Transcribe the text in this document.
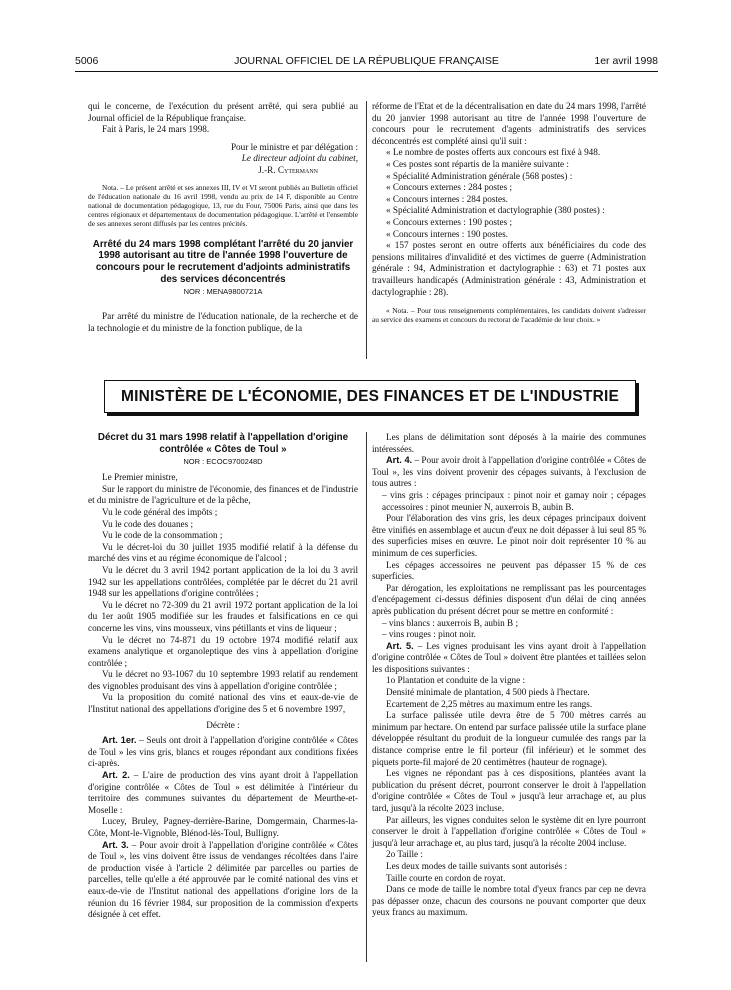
5006	JOURNAL OFFICIEL DE LA RÉPUBLIQUE FRANÇAISE	1er avril 1998

qui le concerne, de l'exécution du présent arrêté, qui sera publié au Journal officiel de la République française.

Fait à Paris, le 24 mars 1998.

Pour le ministre et par délégation :

Le directeur adjoint du cabinet,

J.-R. Cytermann

Nota. – Le présent arrêté et ses annexes III, IV et VI seront publiés au Bulletin officiel de l'éducation nationale du 16 avril 1998, vendu au prix de 14 F, disponible au Centre national de documentation pédagogique, 13, rue du Four, 75006 Paris, ainsi que dans les centres régionaux et départementaux de documentation pédagogique. L'arrêté et l'ensemble de ses annexes seront diffusés par les centres précités.

Arrêté du 24 mars 1998 complétant l'arrêté du 20 janvier 1998 autorisant au titre de l'année 1998 l'ouverture de concours pour le recrutement d'adjoints administratifs des services déconcentrés

NOR : MENA9800721A

Par arrêté du ministre de l'éducation nationale, de la recherche et de la technologie et du ministre de la fonction publique, de la

réforme de l'Etat et de la décentralisation en date du 24 mars 1998, l'arrêté du 20 janvier 1998 autorisant au titre de l'année 1998 l'ouverture de concours pour le recrutement d'agents administratifs des services déconcentrés est complété ainsi qu'il suit :

« Le nombre de postes offerts aux concours est fixé à 948.

« Ces postes sont répartis de la manière suivante :

« Spécialité Administration générale (568 postes) :

« Concours externes : 284 postes ;

« Concours internes : 284 postes.

« Spécialité Administration et dactylographie (380 postes) :

« Concours externes : 190 postes ;

« Concours internes : 190 postes.

« 157 postes seront en outre offerts aux bénéficiaires du code des pensions militaires d'invalidité et des victimes de guerre (Administration générale : 94, Administration et dactylographie : 63) et 71 postes aux travailleurs handicapés (Administration générale : 43, Administration et dactylographie : 28).

« Nota. – Pour tous renseignements complémentaires, les candidats doivent s'adresser au service des examens et concours du rectorat de l'académie de leur choix. »

MINISTÈRE DE L'ÉCONOMIE, DES FINANCES ET DE L'INDUSTRIE

Décret du 31 mars 1998 relatif à l'appellation d'origine contrôlée « Côtes de Toul »

NOR : ECOC9700248D

Le Premier ministre,

Sur le rapport du ministre de l'économie, des finances et de l'industrie et du ministre de l'agriculture et de la pêche,

Vu le code général des impôts ;

Vu le code des douanes ;

Vu le code de la consommation ;

Vu le décret-loi du 30 juillet 1935 modifié relatif à la défense du marché des vins et au régime économique de l'alcool ;

Vu le décret du 3 avril 1942 portant application de la loi du 3 avril 1942 sur les appellations contrôlées, complétée par le décret du 21 avril 1948 sur les appellations d'origine contrôlées ;

Vu le décret no 72-309 du 21 avril 1972 portant application de la loi du 1er août 1905 modifiée sur les fraudes et falsifications en ce qui concerne les vins, vins mousseux, vins pétillants et vins de liqueur ;

Vu le décret no 74-871 du 19 octobre 1974 modifié relatif aux examens analytique et organoleptique des vins à appellation d'origine contrôlée ;

Vu le décret no 93-1067 du 10 septembre 1993 relatif au rendement des vignobles produisant des vins à appellation d'origine contrôlée ;

Vu la proposition du comité national des vins et eaux-de-vie de l'Institut national des appellations d'origine des 5 et 6 novembre 1997,

Décrète :

Art. 1er. – Seuls ont droit à l'appellation d'origine contrôlée « Côtes de Toul » les vins gris, blancs et rouges répondant aux conditions fixées ci-après.

Art. 2. – L'aire de production des vins ayant droit à l'appellation d'origine contrôlée « Côtes de Toul » est délimitée à l'intérieur du territoire des communes suivantes du département de Meurthe-et-Moselle :

Lucey, Bruley, Pagney-derrière-Barine, Domgermain, Charmes-la-Côte, Mont-le-Vignoble, Blénod-lès-Toul, Bulligny.

Art. 3. – Pour avoir droit à l'appellation d'origine contrôlée « Côtes de Toul », les vins doivent être issus de vendanges récoltées dans l'aire de production visée à l'article 2 délimitée par parcelles ou parties de parcelles, telle qu'elle a été approuvée par le comité national des vins et eaux-de-vie de l'Institut national des appellations d'origine lors de la réunion du 16 février 1984, sur proposition de la commission d'experts désignée à cet effet.

Les plans de délimitation sont déposés à la mairie des communes intéressées.

Art. 4. – Pour avoir droit à l'appellation d'origine contrôlée « Côtes de Toul », les vins doivent provenir des cépages suivants, à l'exclusion de tous autres :

– vins gris : cépages principaux : pinot noir et gamay noir ; cépages accessoires : pinot meunier N, auxerrois B, aubin B.

Pour l'élaboration des vins gris, les deux cépages principaux doivent être vinifiés en assemblage et aucun d'eux ne doit dépasser à lui seul 85 % des superficies mises en œuvre. Le pinot noir doit représenter 10 % au minimum de ces superficies.

Les cépages accessoires ne peuvent pas dépasser 15 % de ces superficies.

Par dérogation, les exploitations ne remplissant pas les pourcentages d'encépagement ci-dessus définies disposent d'un délai de cinq années après publication du présent décret pour se mettre en conformité :

– vins blancs : auxerrois B, aubin B ;

– vins rouges : pinot noir.

Art. 5. – Les vignes produisant les vins ayant droit à l'appellation d'origine contrôlée « Côtes de Toul » doivent être plantées et taillées selon les dispositions suivantes :

1o Plantation et conduite de la vigne :

Densité minimale de plantation, 4 500 pieds à l'hectare.

Ecartement de 2,25 mètres au maximum entre les rangs.

La surface palissée utile devra être de 5 700 mètres carrés au minimum par hectare. On entend par surface palissée utile la surface plane développée résultant du produit de la longueur cumulée des rangs par la distance comprise entre le fil porteur (fil inférieur) et le sommet des piquets porte-fil majoré de 20 centimètres (hauteur de rognage).

Les vignes ne répondant pas à ces dispositions, plantées avant la publication du présent décret, pourront conserver le droit à l'appellation d'origine contrôlée « Côtes de Toul » jusqu'à leur arrachage et, au plus tard, jusqu'à la récolte 2023 incluse.

Par ailleurs, les vignes conduites selon le système dit en lyre pourront conserver le droit à l'appellation d'origine contrôlée « Côtes de Toul » jusqu'à leur arrachage et, au plus tard, jusqu'à la récolte 2004 incluse.

2o Taille :

Les deux modes de taille suivants sont autorisés :

Taille courte en cordon de royat.

Dans ce mode de taille le nombre total d'yeux francs par cep ne devra pas dépasser onze, chacun des coursons ne pouvant comporter que deux yeux francs au maximum.
